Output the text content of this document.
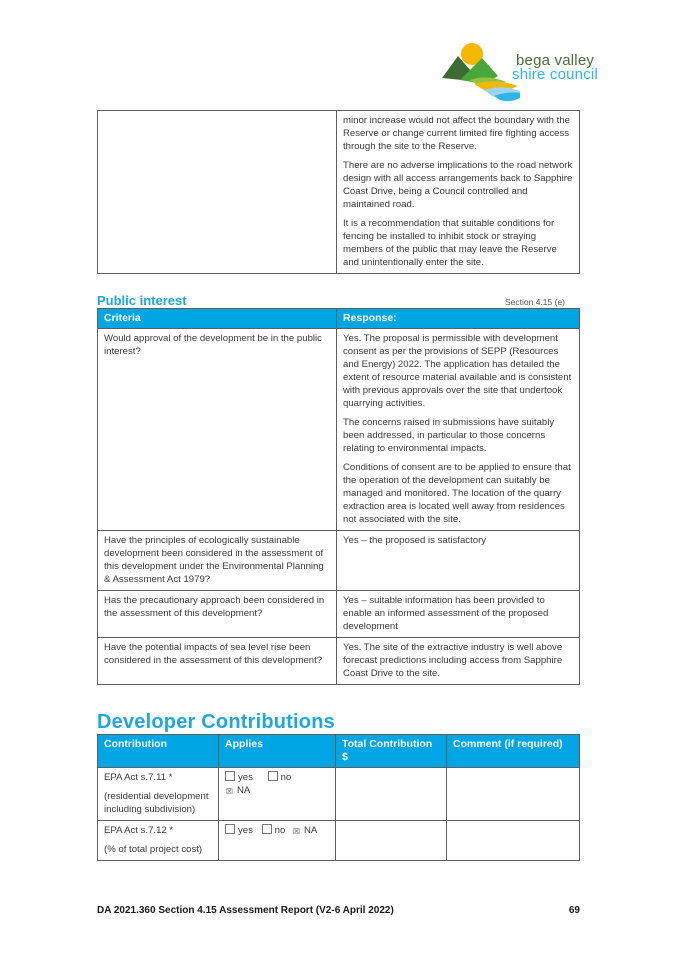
bega valley
shire council

minor increase would not affect the boundary with the Reserve or change current limited fire fighting access through the site to the Reserve.

There are no adverse implications to the road network design with all access arrangements back to Sapphire Coast Drive, being a Council controlled and maintained road.

It is a recommendation that suitable conditions for fencing be installed to inhibit stock or straying members of the public that may leave the Reserve and unintentionally enter the site.

Public interest	Section 4.15 (e)
Criteria	Response:
Would approval of the development be in the public interest?	Yes. The proposal is permissible with development consent as per the provisions of SEPP (Resources and Energy) 2022. The application has detailed the extent of resource material available and is consistent with previous approvals over the site that undertook quarrying activities.

The concerns raised in submissions have suitably been addressed, in particular to those concerns relating to environmental impacts.

Conditions of consent are to be applied to ensure that the operation of the development can suitably be managed and monitored. The location of the quarry extraction area is located well away from residences not associated with the site.

Have the principles of ecologically sustainable development been considered in the assessment of this development under the Environmental Planning & Assessment Act 1979?	Yes – the proposed is satisfactory

Has the precautionary approach been considered in the assessment of this development?	Yes – suitable information has been provided to enable an informed assessment of the proposed development

Have the potential impacts of sea level rise been considered in the assessment of this development?	Yes. The site of the extractive industry is well above forecast predictions including access from Sapphire Coast Drive to the site.

Developer Contributions
Contribution	Applies	Total Contribution $	Comment (if required)

EPA Act s.7.11 *

(residential development including subdivision)	yes no ☒ NA		

EPA Act s.7.12 *

(% of total project cost)	yes no ☒ NA		
DA 2021.360 Section 4.15 Assessment Report (V2-6 April 2022)	69
